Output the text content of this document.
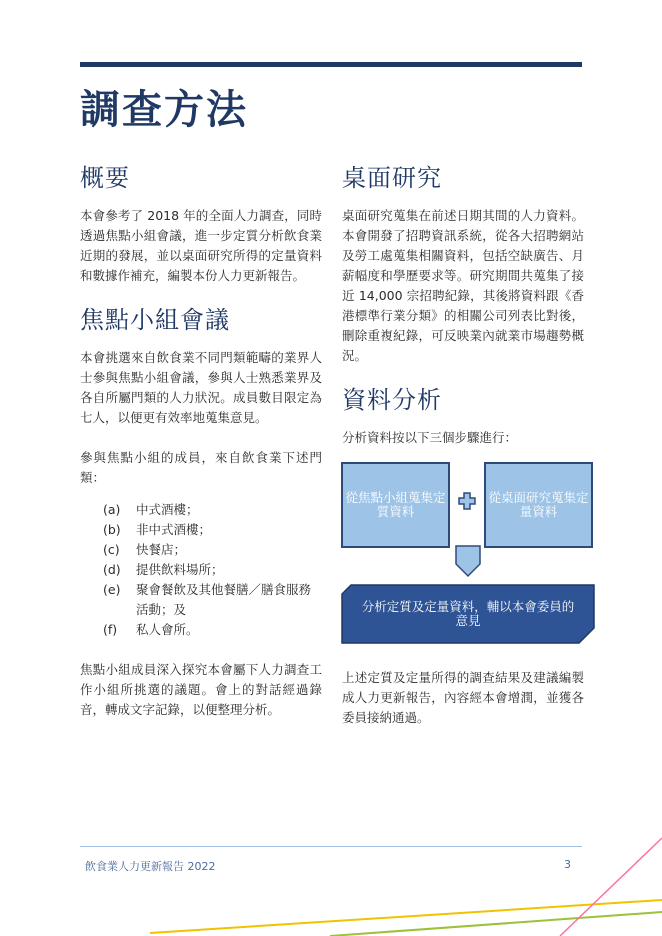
調查方法
概要

本會參考了 2018 年的全面人力調查，同時透過焦點小組會議，進一步定質分析飲食業近期的發展，並以桌面研究所得的定量資料和數據作補充，編製本份人力更新報告。

焦點小組會議

本會挑選來自飲食業不同門類範疇的業界人士參與焦點小組會議，參與人士熟悉業界及各自所屬門類的人力狀況。成員數目限定為七人，以便更有效率地蒐集意見。

參與焦點小組的成員，來自飲食業下述門類：

(a)	中式酒樓；
(b)	非中式酒樓；
(c)	快餐店；
(d)	提供飲料場所；
(e)	聚會餐飲及其他餐膳／膳食服務活動；及
(f)	私人會所。

焦點小組成員深入探究本會屬下人力調查工作小組所挑選的議題。會上的對話經過錄音，轉成文字記錄，以便整理分析。

桌面研究

桌面研究蒐集在前述日期其間的人力資料。本會開發了招聘資訊系統，從各大招聘網站及勞工處蒐集相關資料，包括空缺廣告、月薪幅度和學歷要求等。研究期間共蒐集了接近 14,000 宗招聘紀錄，其後將資料跟《香港標準行業分類》的相關公司列表比對後，刪除重複紀錄，可反映業內就業市場趨勢概況。

資料分析

分析資料按以下三個步驟進行：

從焦點小組蒐集定質資料
從桌面研究蒐集定量資料
分析定質及定量資料，輔以本會委員的意見

上述定質及定量所得的調查結果及建議編製成人力更新報告，內容經本會增潤，並獲各委員接納通過。

飲食業人力更新報告 2022	3
